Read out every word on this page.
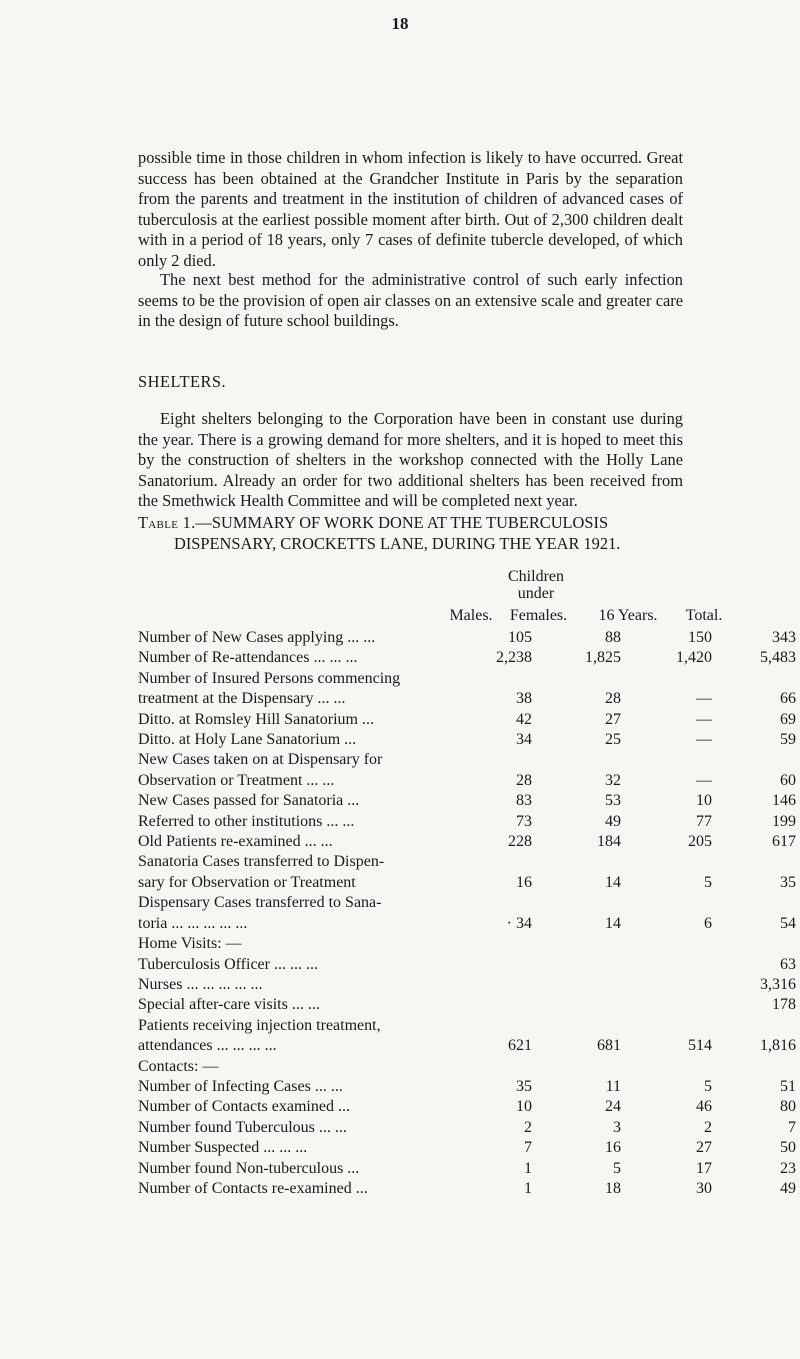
18

possible time in those children in whom infection is likely to have occurred. Great success has been obtained at the Grandcher Institute in Paris by the separation from the parents and treatment in the institution of children of advanced cases of tuberculosis at the earliest possible moment after birth. Out of 2,300 children dealt with in a period of 18 years, only 7 cases of definite tubercle developed, of which only 2 died.

The next best method for the administrative control of such early infection seems to be the provision of open air classes on an extensive scale and greater care in the design of future school buildings.

SHELTERS.

Eight shelters belonging to the Corporation have been in constant use during the year. There is a growing demand for more shelters, and it is hoped to meet this by the construction of shelters in the workshop connected with the Holly Lane Sanatorium. Already an order for two additional shelters has been received from the Smethwick Health Committee and will be completed next year.

Table 1.—SUMMARY OF WORK DONE AT THE TUBERCULOSIS
DISPENSARY, CROCKETTS LANE, DURING THE YEAR 1921.
Children
under
Males.	Females.	16 Years.	Total.
Number of New Cases applying ... ...	105	88	150	343
Number of Re-attendances ... ... ...	2,238	1,825	1,420	5,483
Number of Insured Persons commencing				
treatment at the Dispensary ... ...	38	28	—	66
Ditto. at Romsley Hill Sanatorium ...	42	27	—	69
Ditto. at Holy Lane Sanatorium ...	34	25	—	59
New Cases taken on at Dispensary for				
Observation or Treatment ... ...	28	32	—	60
New Cases passed for Sanatoria ...	83	53	10	146
Referred to other institutions ... ...	73	49	77	199
Old Patients re-examined ... ...	228	184	205	617
Sanatoria Cases transferred to Dispen-				
sary for Observation or Treatment	16	14	5	35
Dispensary Cases transferred to Sana-				
toria ... ... ... ... ...	· 34	14	6	54
Home Visits: —				
Tuberculosis Officer ... ... ...				63
Nurses ... ... ... ... ...				3,316
Special after-care visits ... ...				178
Patients receiving injection treatment,				
attendances ... ... ... ...	621	681	514	1,816
Contacts: —				
Number of Infecting Cases ... ...	35	11	5	51
Number of Contacts examined ...	10	24	46	80
Number found Tuberculous ... ...	2	3	2	7
Number Suspected ... ... ...	7	16	27	50
Number found Non-tuberculous ...	1	5	17	23
Number of Contacts re-examined ...	1	18	30	49
